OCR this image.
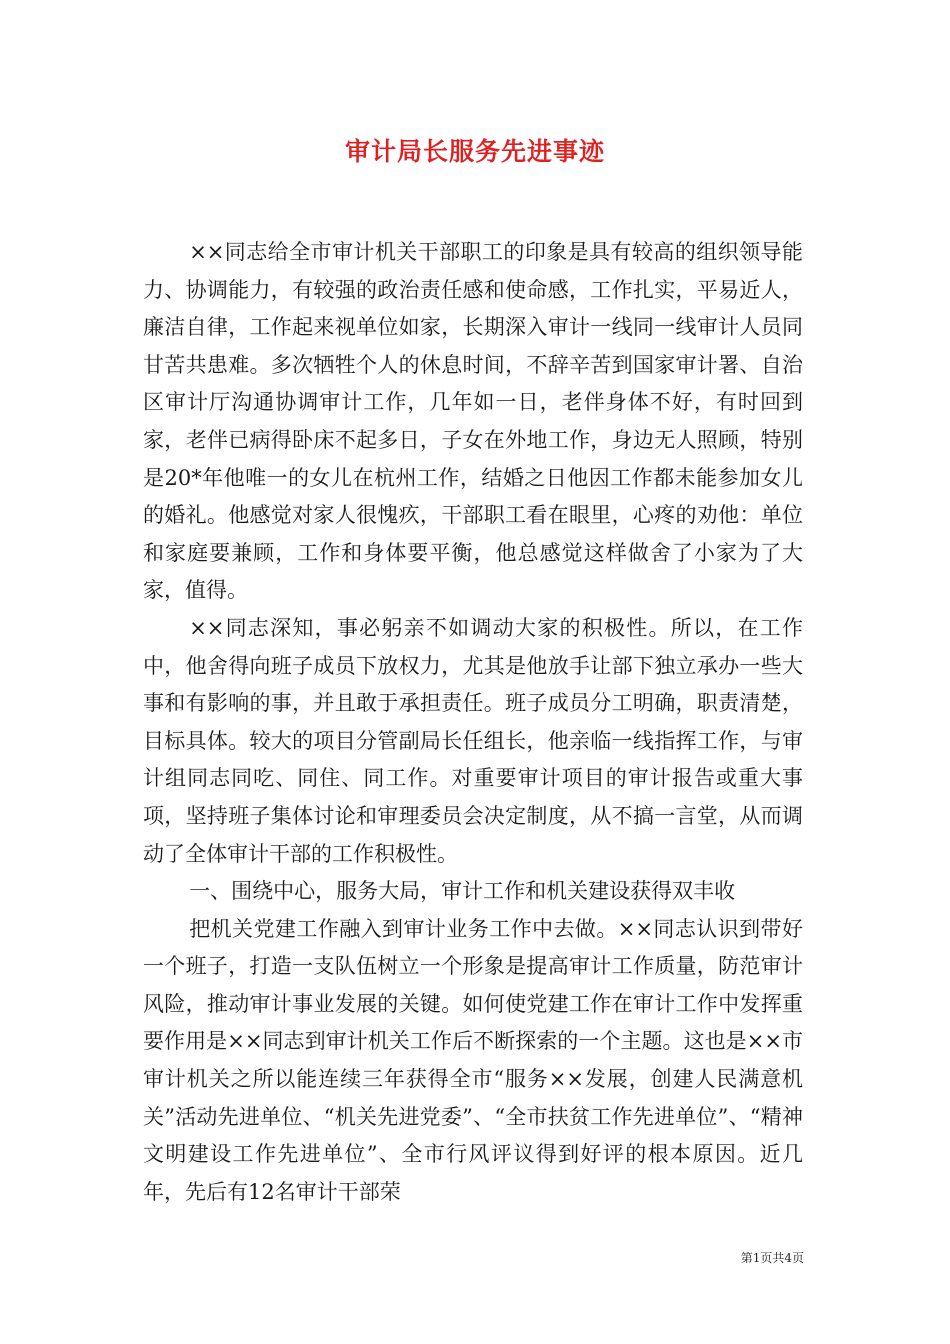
审计局长服务先进事迹

××同志给全市审计机关干部职工的印象是具有较高的组织领导能力、协调能力，有较强的政治责任感和使命感，工作扎实，平易近人，廉洁自律，工作起来视单位如家，长期深入审计一线同一线审计人员同甘苦共患难。多次牺牲个人的休息时间，不辞辛苦到国家审计署、自治区审计厅沟通协调审计工作，几年如一日，老伴身体不好，有时回到家，老伴已病得卧床不起多日，子女在外地工作，身边无人照顾，特别是20*年他唯一的女儿在杭州工作，结婚之日他因工作都未能参加女儿的婚礼。他感觉对家人很愧疚，干部职工看在眼里，心疼的劝他：单位和家庭要兼顾，工作和身体要平衡，他总感觉这样做舍了小家为了大家，值得。

××同志深知，事必躬亲不如调动大家的积极性。所以，在工作中，他舍得向班子成员下放权力，尤其是他放手让部下独立承办一些大事和有影响的事，并且敢于承担责任。班子成员分工明确，职责清楚，目标具体。较大的项目分管副局长任组长，他亲临一线指挥工作，与审计组同志同吃、同住、同工作。对重要审计项目的审计报告或重大事项，坚持班子集体讨论和审理委员会决定制度，从不搞一言堂，从而调动了全体审计干部的工作积极性。

一、围绕中心，服务大局，审计工作和机关建设获得双丰收

把机关党建工作融入到审计业务工作中去做。××同志认识到带好一个班子，打造一支队伍树立一个形象是提高审计工作质量，防范审计风险，推动审计事业发展的关键。如何使党建工作在审计工作中发挥重要作用是××同志到审计机关工作后不断探索的一个主题。这也是××市审计机关之所以能连续三年获得全市“服务××发展，创建人民满意机关”活动先进单位、“机关先进党委”、“全市扶贫工作先进单位”、“精神文明建设工作先进单位”、全市行风评议得到好评的根本原因。近几年，先后有12名审计干部荣

第1页共4页
